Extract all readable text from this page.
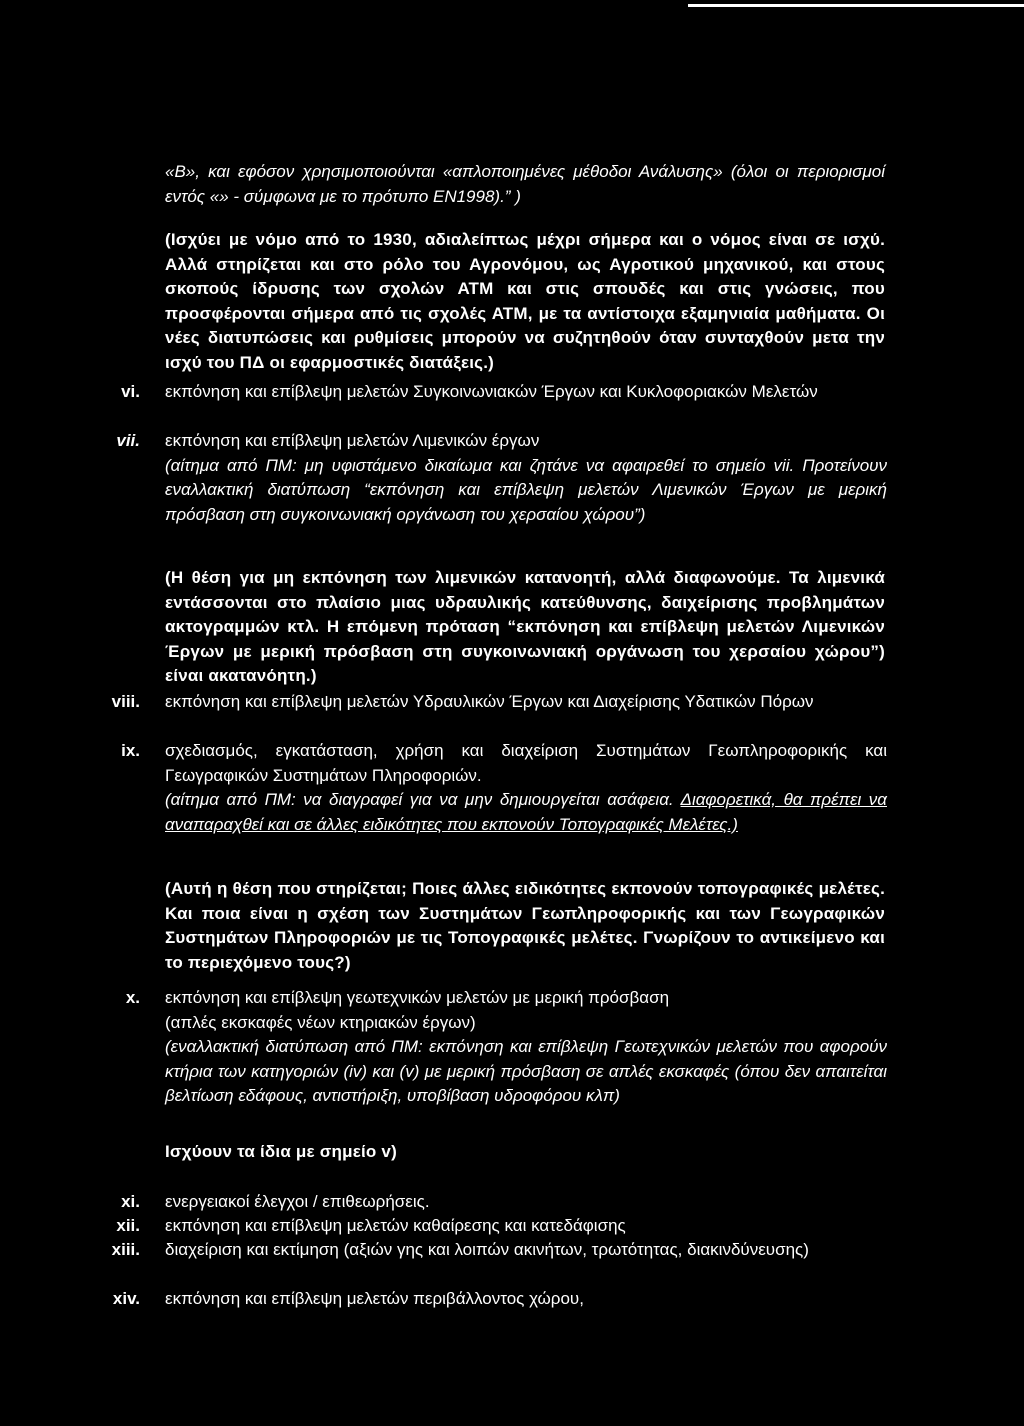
«Β», και εφόσον χρησιμοποιούνται «απλοποιημένες μέθοδοι Ανάλυσης» (όλοι οι περιορισμοί εντός «» - σύμφωνα με το πρότυπο ΕΝ1998).” )
(Ισχύει με νόμο από το 1930, αδιαλείπτως μέχρι σήμερα και ο νόμος είναι σε ισχύ. Αλλά στηρίζεται και στο ρόλο του Αγρονόμου, ως Αγροτικού μηχανικού, και στους σκοπούς ίδρυσης των σχολών ΑΤΜ και στις σπουδές και στις γνώσεις, που προσφέρονται σήμερα από τις σχολές ΑΤΜ, με τα αντίστοιχα εξαμηνιαία μαθήματα. Οι νέες διατυπώσεις και ρυθμίσεις μπορούν να συζητηθούν όταν συνταχθούν μετα την ισχύ του ΠΔ οι εφαρμοστικές διατάξεις.)
vi. εκπόνηση και επίβλεψη μελετών Συγκοινωνιακών Έργων και Κυκλοφοριακών Μελετών
vii. εκπόνηση και επίβλεψη μελετών Λιμενικών έργων
(αίτημα από ΠΜ: μη υφιστάμενο δικαίωμα και ζητάνε να αφαιρεθεί το σημείο vii. Προτείνουν εναλλακτική διατύπωση “εκπόνηση και επίβλεψη μελετών Λιμενικών Έργων με μερική πρόσβαση στη συγκοινωνιακή οργάνωση του χερσαίου χώρου”)
(Η θέση για μη εκπόνηση των λιμενικών κατανοητή, αλλά διαφωνούμε. Τα λιμενικά εντάσσονται στο πλαίσιο μιας υδραυλικής κατεύθυνσης, δαιχείρισης προβλημάτων ακτογραμμών κτλ. Η επόμενη πρόταση “εκπόνηση και επίβλεψη μελετών Λιμενικών Έργων με μερική πρόσβαση στη συγκοινωνιακή οργάνωση του χερσαίου χώρου”) είναι ακατανόητη.)
viii. εκπόνηση και επίβλεψη μελετών Υδραυλικών Έργων και Διαχείρισης Υδατικών Πόρων
ix. σχεδιασμός, εγκατάσταση, χρήση και διαχείριση Συστημάτων Γεωπληροφορικής και Γεωγραφικών Συστημάτων Πληροφοριών.
(αίτημα από ΠΜ: να διαγραφεί για να μην δημιουργείται ασάφεια. Διαφορετικά, θα πρέπει να αναπαραχθεί και σε άλλες ειδικότητες που εκπονούν Τοπογραφικές Μελέτες.)
(Αυτή η θέση που στηρίζεται; Ποιες άλλες ειδικότητες εκπονούν τοπογραφικές μελέτες. Και ποια είναι η σχέση των Συστημάτων Γεωπληροφορικής και των Γεωγραφικών Συστημάτων Πληροφοριών με τις Τοπογραφικές μελέτες. Γνωρίζουν το αντικείμενο και το περιεχόμενο τους?)
x. εκπόνηση και επίβλεψη γεωτεχνικών μελετών με μερική πρόσβαση
(απλές εκσκαφές νέων κτηριακών έργων)
(εναλλακτική διατύπωση από ΠΜ: εκπόνηση και επίβλεψη Γεωτεχνικών μελετών που αφορούν κτήρια των κατηγοριών (iv) και (v) με μερική πρόσβαση σε απλές εκσκαφές (όπου δεν απαιτείται βελτίωση εδάφους, αντιστήριξη, υποβίβαση υδροφόρου κλπ)
Ισχύουν τα ίδια με σημείο v)
xi. ενεργειακοί έλεγχοι / επιθεωρήσεις.
xii. εκπόνηση και επίβλεψη μελετών καθαίρεσης και κατεδάφισης
xiii. διαχείριση και εκτίμηση (αξιών γης και λοιπών ακινήτων, τρωτότητας, διακινδύνευσης)
xiv. εκπόνηση και επίβλεψη μελετών περιβάλλοντος χώρου,
